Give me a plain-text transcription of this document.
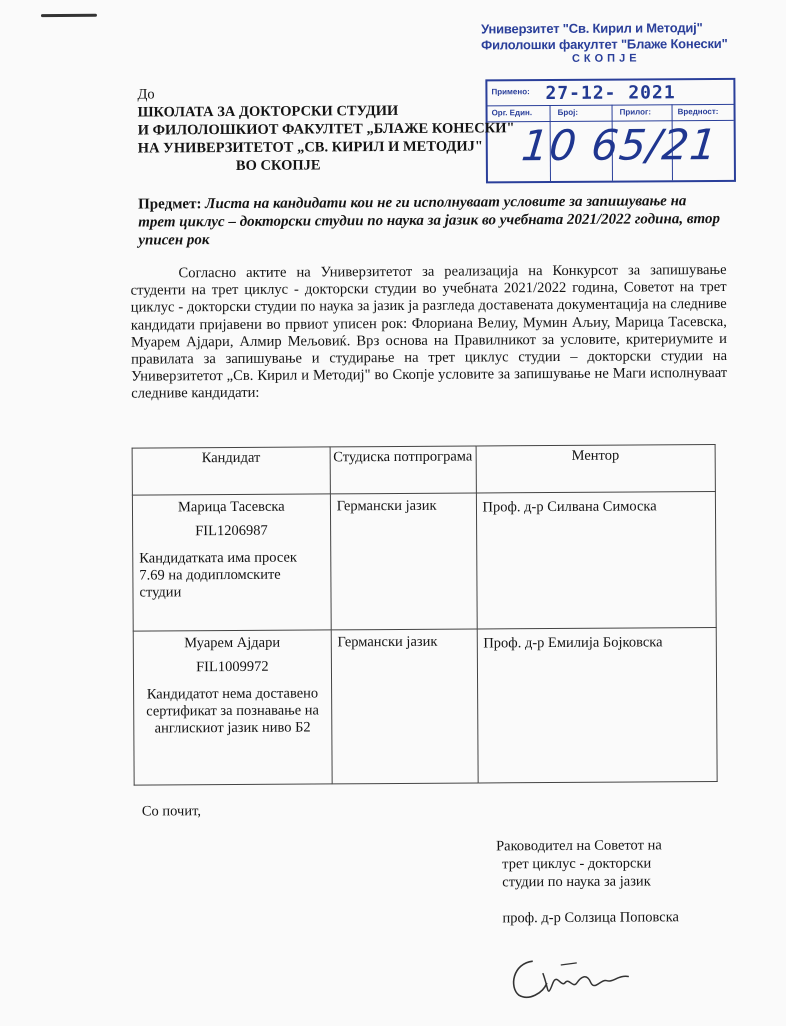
Универзитет "Св. Кирил и Методиј"
Филолошки факултет "Блаже Конески"
СКОПЈЕ
Примено: 27-12- 2021
Орг. Един.	Број:	Прилог:	Вредност:
10 65/21
До
ШКОЛАТА ЗА ДОКТОРСКИ СТУДИИ
И ФИЛОЛОШКИОТ ФАКУЛТЕТ „БЛАЖЕ КОНЕСКИ"
НА УНИВЕРЗИТЕТОТ „СВ. КИРИЛ И МЕТОДИЈ"
ВО СКОПЈЕ
Предмет: Листа на кандидати кои не ги исполнуваат условите за запишување на трет циклус – докторски студии по наука за јазик во учебната 2021/2022 година, втор уписен рок
Согласно актите на Универзитетот за реализација на Конкурсот за запишување студенти на трет циклус - докторски студии во учебната 2021/2022 година, Советот на трет циклус - докторски студии по наука за јазик ја разгледа доставената документација на следниве кандидати пријавени во првиот уписен рок: Флориана Велиу, Мумин Аљиу, Марица Тасевска, Муарем Ајдари, Алмир Мељовиќ. Врз основа на Правилникот за условите, критериумите и правилата за запишување и студирање на трет циклус студии – докторски студии на Универзитетот „Св. Кирил и Методиј" во Скопје условите за запишување не Маги исполнуваат следниве кандидати:
Кандидат	Студиска потпрограма	Ментор

Марица Тасевска
FIL1206987
Кандидатката има просек 7.69 на додипломските студии	Германски јазик	Проф. д-р Силвана Симоска

Муарем Ајдари
FIL1009972
Кандидатот нема доставено сертификат за познавање на англискиот јазик ниво Б2	Германски јазик	Проф. д-р Емилија Бојковска
Со почит,
Раководител на Советот на
трет циклус - докторски
студии по наука за јазик
проф. д-р Солзица Поповска
